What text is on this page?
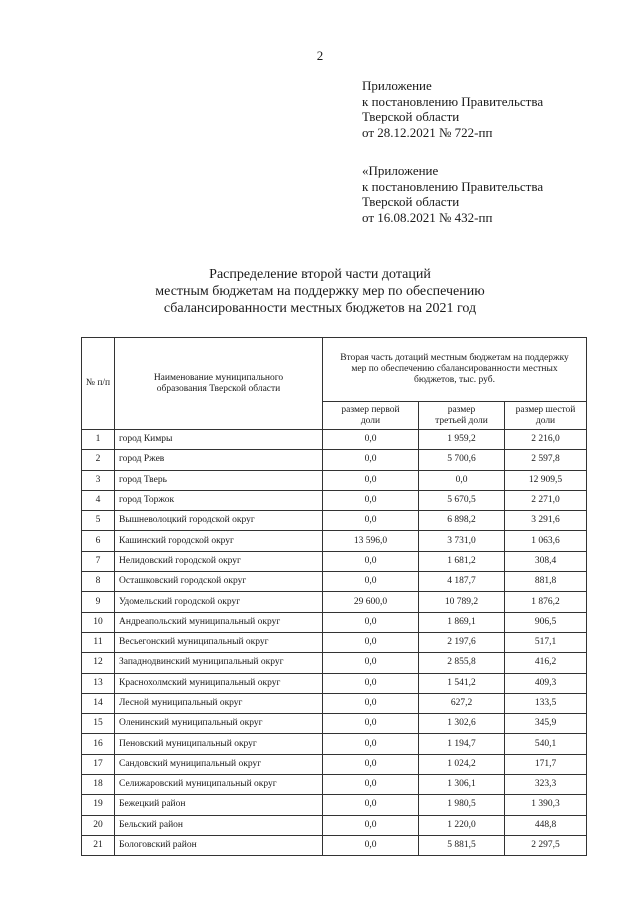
2
Приложение
к постановлению Правительства
Тверской области
от 28.12.2021 № 722-пп
«Приложение
к постановлению Правительства
Тверской области
от 16.08.2021 № 432-пп
Распределение второй части дотаций
местным бюджетам на поддержку мер по обеспечению
сбалансированности местных бюджетов на 2021 год
№ п/п	Наименование муниципального образования Тверской области	Вторая часть дотаций местным бюджетам на поддержку мер по обеспечению сбалансированности местных бюджетов, тыс. руб.		
		размер первой доли	размер третьей доли	размер шестой доли
1	город Кимры	0,0	1 959,2	2 216,0
2	город Ржев	0,0	5 700,6	2 597,8
3	город Тверь	0,0	0,0	12 909,5
4	город Торжок	0,0	5 670,5	2 271,0
5	Вышневолоцкий городской округ	0,0	6 898,2	3 291,6
6	Кашинский городской округ	13 596,0	3 731,0	1 063,6
7	Нелидовский городской округ	0,0	1 681,2	308,4
8	Осташковский городской округ	0,0	4 187,7	881,8
9	Удомельский городской округ	29 600,0	10 789,2	1 876,2
10	Андреапольский муниципальный округ	0,0	1 869,1	906,5
11	Весьегонский муниципальный округ	0,0	2 197,6	517,1
12	Западнодвинский муниципальный округ	0,0	2 855,8	416,2
13	Краснохолмский муниципальный округ	0,0	1 541,2	409,3
14	Лесной муниципальный округ	0,0	627,2	133,5
15	Оленинский муниципальный округ	0,0	1 302,6	345,9
16	Пеновский муниципальный округ	0,0	1 194,7	540,1
17	Сандовский муниципальный округ	0,0	1 024,2	171,7
18	Селижаровский муниципальный округ	0,0	1 306,1	323,3
19	Бежецкий район	0,0	1 980,5	1 390,3
20	Бельский район	0,0	1 220,0	448,8
21	Бологовский район	0,0	5 881,5	2 297,5
